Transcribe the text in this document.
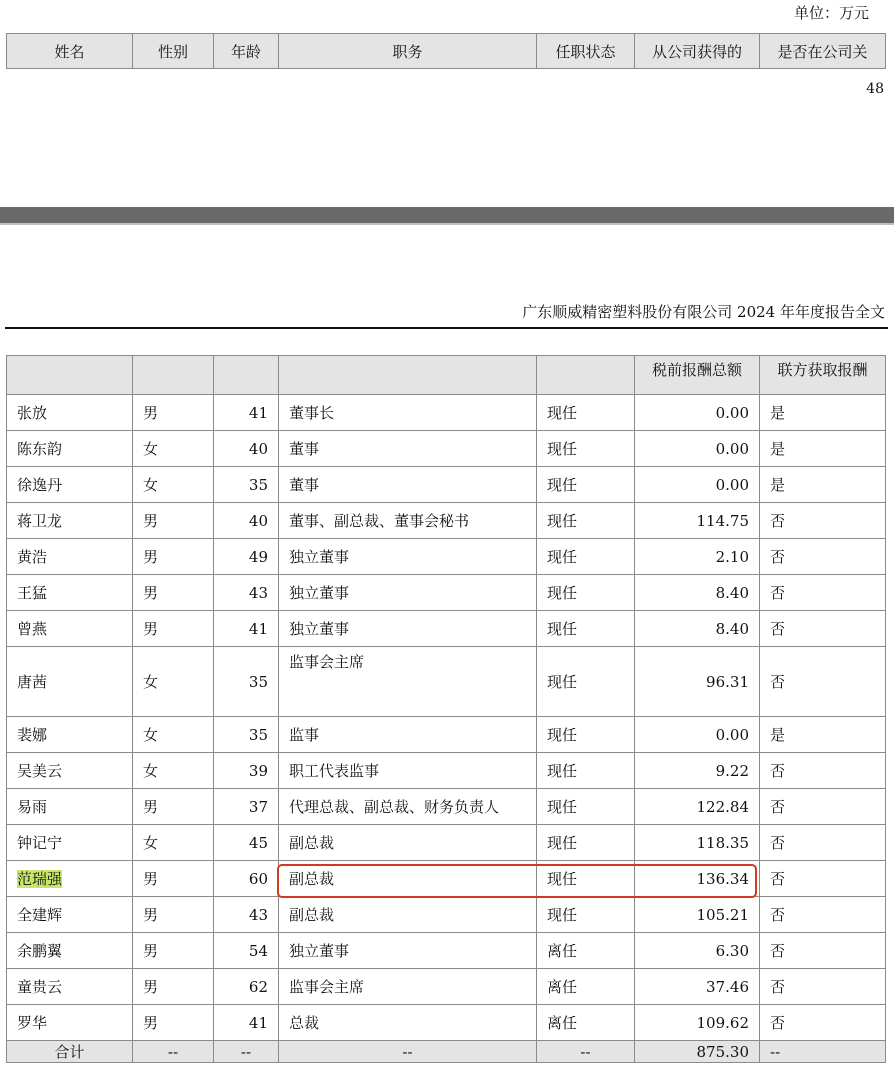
单位：万元
姓名	性别	年龄	职务	任职状态	从公司获得的	是否在公司关
48
广东顺威精密塑料股份有限公司 2024 年年度报告全文
					税前报酬总额	联方获取报酬
张放	男	41	董事长	现任	0.00	是
陈东韵	女	40	董事	现任	0.00	是
徐逸丹	女	35	董事	现任	0.00	是
蒋卫龙	男	40	董事、副总裁、董事会秘书	现任	114.75	否
黄浩	男	49	独立董事	现任	2.10	否
王猛	男	43	独立董事	现任	8.40	否
曾燕	男	41	独立董事	现任	8.40	否
唐茜	女	35	监事会主席	现任	96.31	否
裴娜	女	35	监事	现任	0.00	是
吴美云	女	39	职工代表监事	现任	9.22	否
易雨	男	37	代理总裁、副总裁、财务负责人	现任	122.84	否
钟记宁	女	45	副总裁	现任	118.35	否
范瑞强	男	60	副总裁	现任	136.34	否
全建辉	男	43	副总裁	现任	105.21	否
余鹏翼	男	54	独立董事	离任	6.30	否
童贵云	男	62	监事会主席	离任	37.46	否
罗华	男	41	总裁	离任	109.62	否
合计	--	--	--	--	875.30	--
